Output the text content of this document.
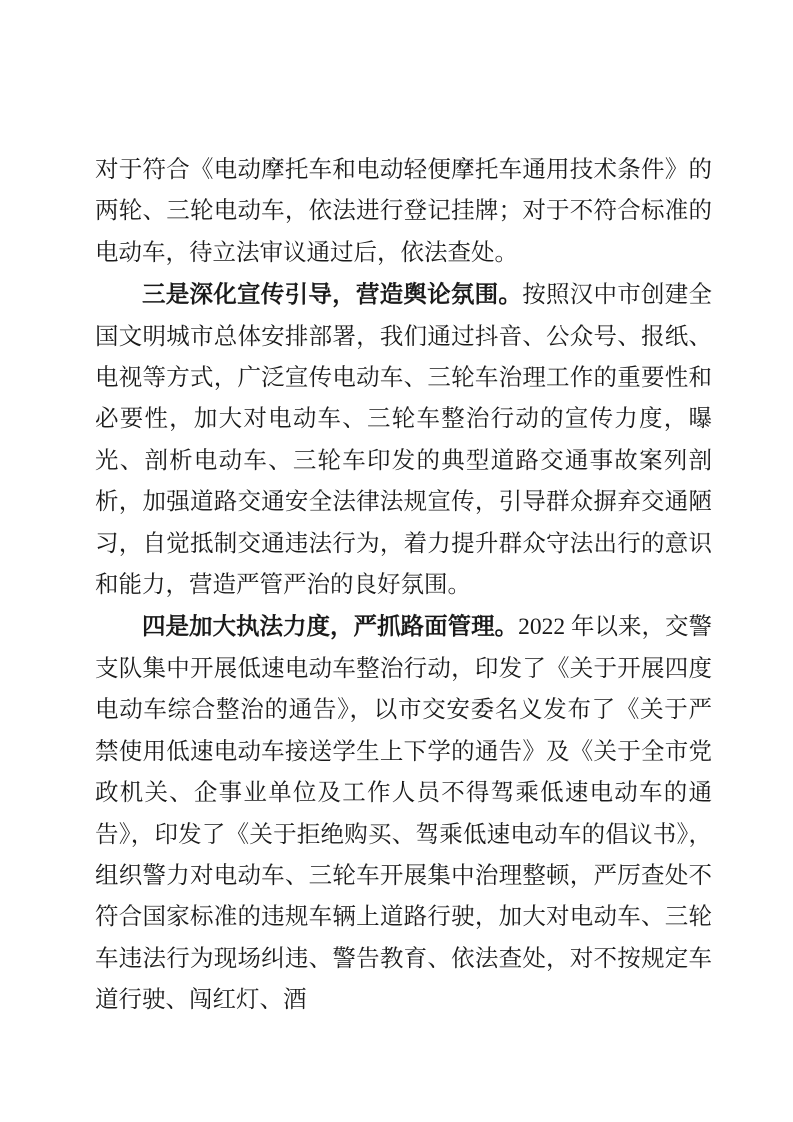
对于符合《电动摩托车和电动轻便摩托车通用技术条件》的两轮、三轮电动车，依法进行登记挂牌；对于不符合标准的电动车，待立法审议通过后，依法查处。

三是深化宣传引导，营造舆论氛围。按照汉中市创建全国文明城市总体安排部署，我们通过抖音、公众号、报纸、电视等方式，广泛宣传电动车、三轮车治理工作的重要性和必要性，加大对电动车、三轮车整治行动的宣传力度，曝光、剖析电动车、三轮车印发的典型道路交通事故案列剖析，加强道路交通安全法律法规宣传，引导群众摒弃交通陋习，自觉抵制交通违法行为，着力提升群众守法出行的意识和能力，营造严管严治的良好氛围。

四是加大执法力度，严抓路面管理。2022 年以来，交警支队集中开展低速电动车整治行动，印发了《关于开展四度电动车综合整治的通告》，以市交安委名义发布了《关于严禁使用低速电动车接送学生上下学的通告》及《关于全市党政机关、企事业单位及工作人员不得驾乘低速电动车的通告》，印发了《关于拒绝购买、驾乘低速电动车的倡议书》，组织警力对电动车、三轮车开展集中治理整顿，严厉查处不符合国家标准的违规车辆上道路行驶，加大对电动车、三轮车违法行为现场纠违、警告教育、依法查处，对不按规定车道行驶、闯红灯、酒
